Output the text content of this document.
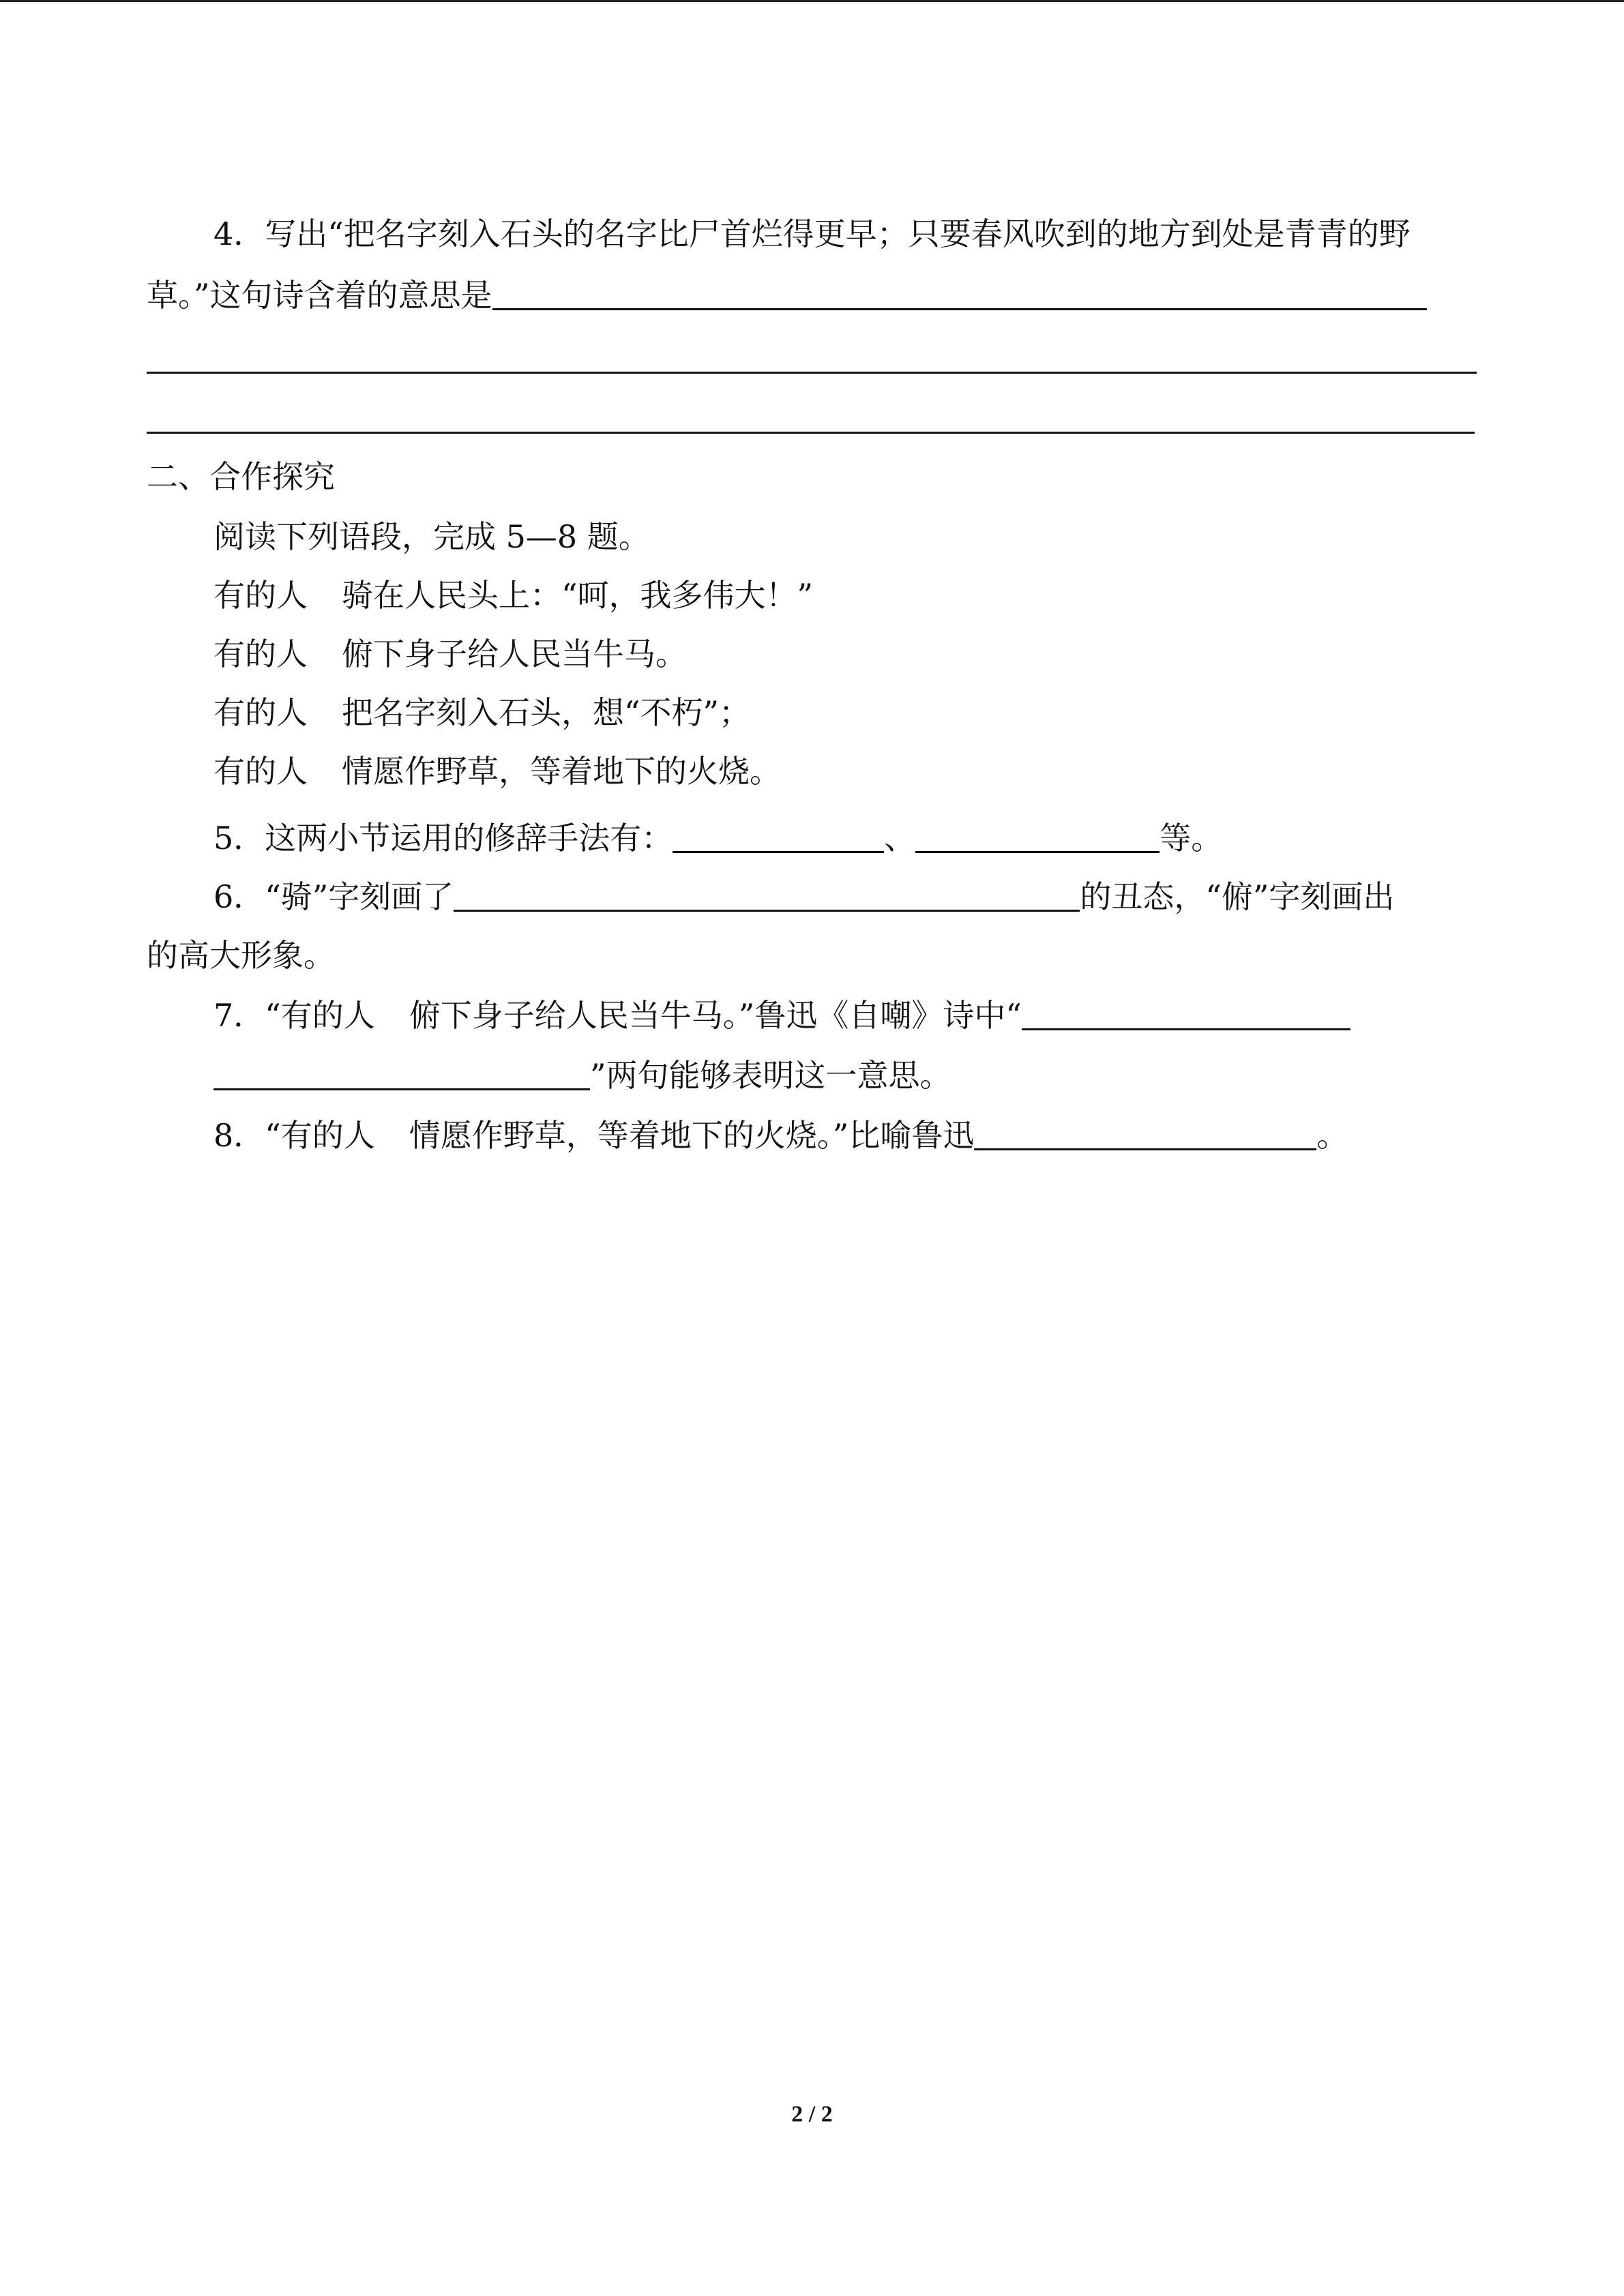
4．写出“把名字刻入石头的名字比尸首烂得更早；只要春风吹到的地方到处是青青的野
草。”这句诗含着的意思是
二、合作探究
阅读下列语段，完成 5—8 题。
有的人 骑在人民头上：“呵，我多伟大！”
有的人 俯下身子给人民当牛马。
有的人 把名字刻入石头，想“不朽”；
有的人 情愿作野草，等着地下的火烧。
5．这两小节运用的修辞手法有：	、	等。
6．“骑”字刻画了	的丑态，“俯”字刻画出
的高大形象。
7．“有的人 俯下身子给人民当牛马。”鲁迅《自嘲》诗中“
”两句能够表明这一意思。
8．“有的人 情愿作野草，等着地下的火烧。”比喻鲁迅	。
2 / 2
